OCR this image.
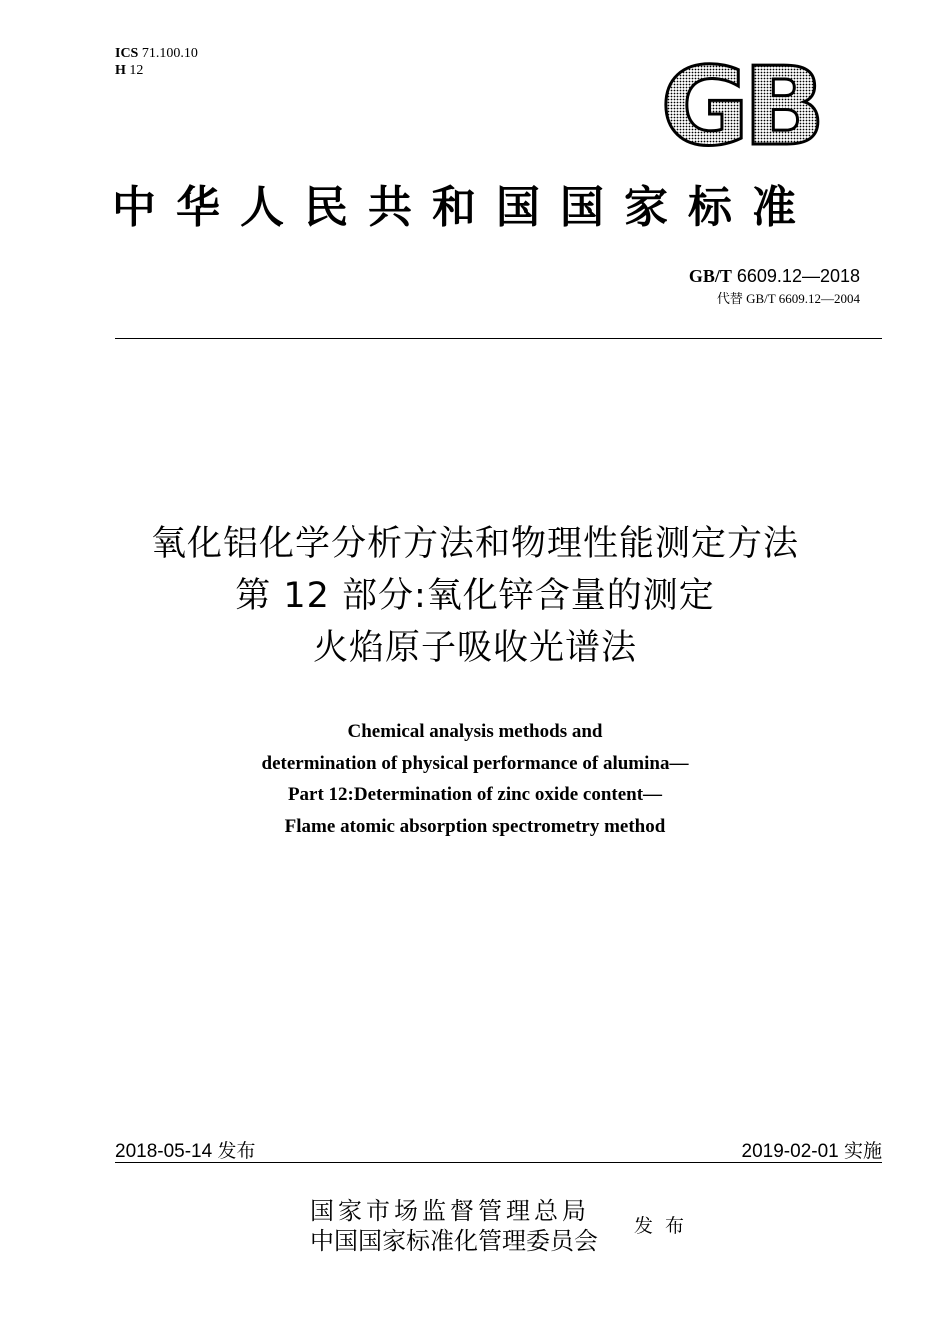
ICS 71.100.10
H 12	GB
中华人民共和国国家标准
GB/T 6609.12—2018
代替 GB/T 6609.12—2004
氧化铝化学分析方法和物理性能测定方法
第 12 部分:氧化锌含量的测定
火焰原子吸收光谱法
Chemical analysis methods and
determination of physical performance of alumina—
Part 12:Determination of zinc oxide content—
Flame atomic absorption spectrometry method
2018-05-14 发布	2019-02-01 实施
国家市场监督管理总局
中国国家标准化管理委员会
发布
